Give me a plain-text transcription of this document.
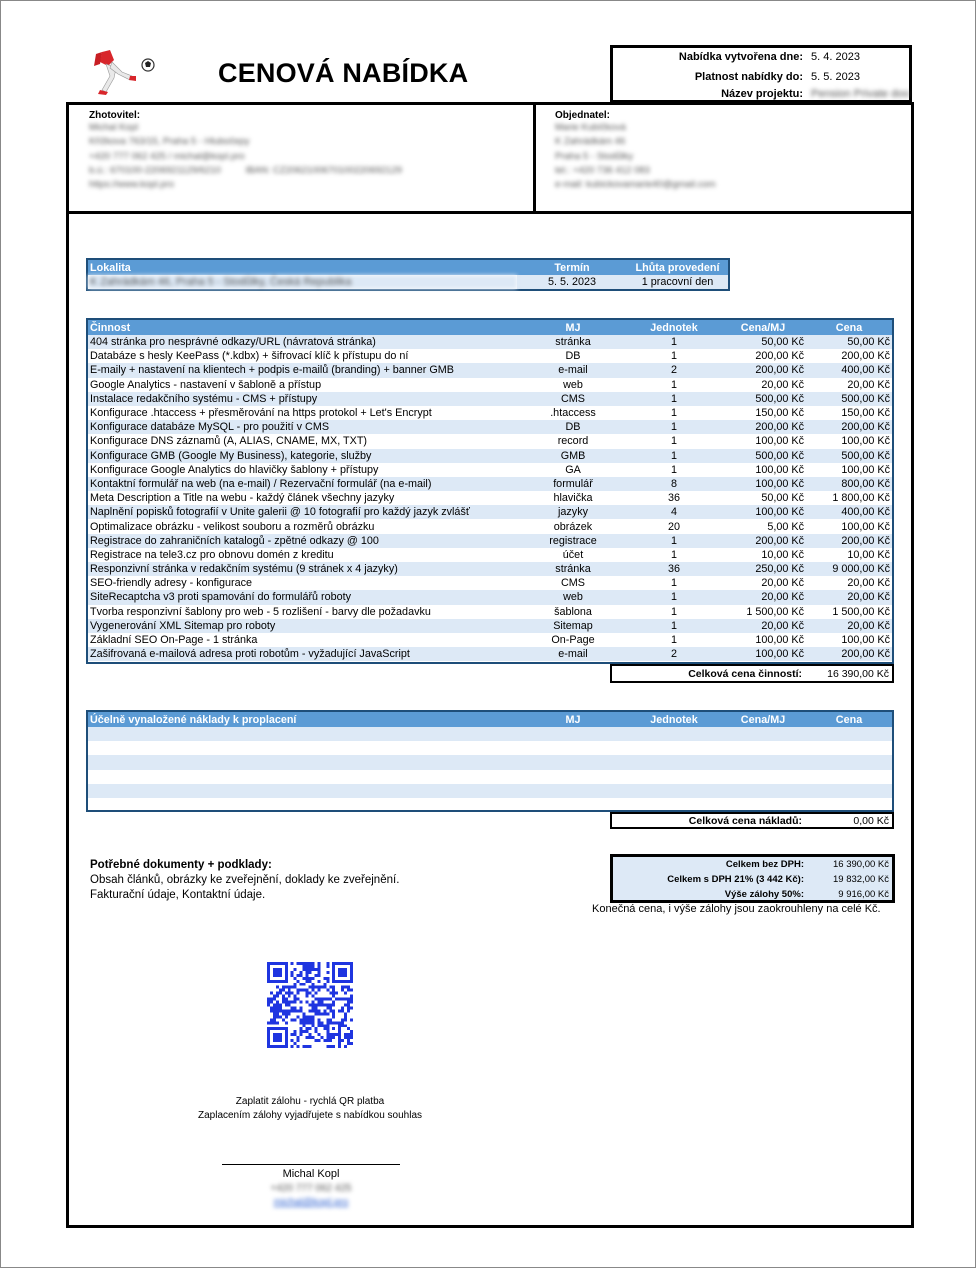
CENOVÁ NABÍDKA
Nabídka vytvořena dne: 5. 4. 2023
Platnost nabídky do: 5. 5. 2023
Název projektu: Pension Private doo
Zhotovitel:
Michal Kopl
Křížkova 763/15, Praha 5 - Hlubočepy
+420 777 062 425 / michal@kopl.pro
b.ú.: 670100-2206921129/6210	IBAN: CZ2062100670100220692129
https://www.kopl.pro
Objednatel:
Marie Kubíčková
K Zahrádkám 46
Praha 5 - Stodůlky
tel.: +420 736 412 083
e-mail: kubickovamarie40@gmail.com
Lokalita	Termín	Lhůta provedení
K Zahrádkám 46, Praha 5 - Stodůlky, Česká Republika	5. 5. 2023	1 pracovní den
Činnost	MJ	Jednotek	Cena/MJ	Cena
404 stránka pro nesprávné odkazy/URL (návratová stránka)	stránka	1	50,00 Kč	50,00 Kč
Databáze s hesly KeePass (*.kdbx) + šifrovací klíč k přístupu do ní	DB	1	200,00 Kč	200,00 Kč
E-maily + nastavení na klientech + podpis e-mailů (branding) + banner GMB	e-mail	2	200,00 Kč	400,00 Kč
Google Analytics - nastavení v šabloně a přístup	web	1	20,00 Kč	20,00 Kč
Instalace redakčního systému - CMS + přístupy	CMS	1	500,00 Kč	500,00 Kč
Konfigurace .htaccess + přesměrování na https protokol + Let's Encrypt	.htaccess	1	150,00 Kč	150,00 Kč
Konfigurace databáze MySQL - pro použití v CMS	DB	1	200,00 Kč	200,00 Kč
Konfigurace DNS záznamů (A, ALIAS, CNAME, MX, TXT)	record	1	100,00 Kč	100,00 Kč
Konfigurace GMB (Google My Business), kategorie, služby	GMB	1	500,00 Kč	500,00 Kč
Konfigurace Google Analytics do hlavičky šablony + přístupy	GA	1	100,00 Kč	100,00 Kč
Kontaktní formulář na web (na e-mail) / Rezervační formulář (na e-mail)	formulář	8	100,00 Kč	800,00 Kč
Meta Description a Title na webu - každý článek všechny jazyky	hlavička	36	50,00 Kč	1 800,00 Kč
Naplnění popisků fotografií v Unite galerii @ 10 fotografií pro každý jazyk zvlášť	jazyky	4	100,00 Kč	400,00 Kč
Optimalizace obrázku - velikost souboru a rozměrů obrázku	obrázek	20	5,00 Kč	100,00 Kč
Registrace do zahraničních katalogů - zpětné odkazy @ 100	registrace	1	200,00 Kč	200,00 Kč
Registrace na tele3.cz pro obnovu domén z kreditu	účet	1	10,00 Kč	10,00 Kč
Responzivní stránka v redakčním systému (9 stránek x 4 jazyky)	stránka	36	250,00 Kč	9 000,00 Kč
SEO-friendly adresy - konfigurace	CMS	1	20,00 Kč	20,00 Kč
SiteRecaptcha v3 proti spamování do formulářů roboty	web	1	20,00 Kč	20,00 Kč
Tvorba responzivní šablony pro web - 5 rozlišení - barvy dle požadavku	šablona	1	1 500,00 Kč	1 500,00 Kč
Vygenerování XML Sitemap pro roboty	Sitemap	1	20,00 Kč	20,00 Kč
Základní SEO On-Page - 1 stránka	On-Page	1	100,00 Kč	100,00 Kč
Zašifrovaná e-mailová adresa proti robotům - vyžadující JavaScript	e-mail	2	100,00 Kč	200,00 Kč
Celková cena činností: 16 390,00 Kč
Účelně vynaložené náklady k proplacení	MJ	Jednotek	Cena/MJ	Cena

Celková cena nákladů:	0,00 Kč
Potřebné dokumenty + podklady:
Obsah článků, obrázky ke zveřejnění, doklady ke zveřejnění.
Fakturační údaje, Kontaktní údaje.
Celkem bez DPH:	16 390,00 Kč
Celkem s DPH 21% (3 442 Kč):	19 832,00 Kč
Výše zálohy 50%:	9 916,00 Kč
Konečná cena, i výše zálohy jsou zaokrouhleny na celé Kč.
Zaplatit zálohu - rychlá QR platba
Zaplacením zálohy vyjadřujete s nabídkou souhlas
Michal Kopl
+420 777 062 425
michal@kopl.pro
